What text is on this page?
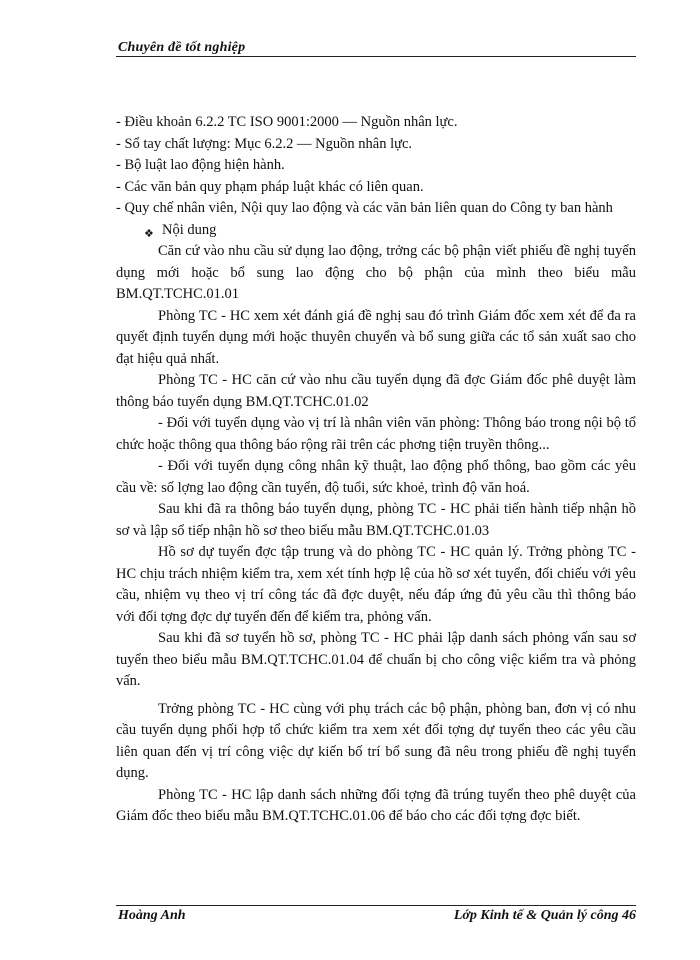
Chuyên đề tốt nghiệp

- Điều khoản 6.2.2 TC ISO 9001:2000 — Nguồn nhân lực.

- Sổ tay chất lượng: Mục 6.2.2 — Nguồn nhân lực.

- Bộ luật lao động hiện hành.

- Các văn bản quy phạm pháp luật khác có liên quan.

- Quy chế nhân viên, Nội quy lao động và các văn bản liên quan do Công ty ban hành

❖ Nội dung

Căn cứ vào nhu cầu sử dụng lao động, trởng các bộ phận viết phiếu đề nghị tuyển dụng mới hoặc bổ sung lao động cho bộ phận của mình theo biểu mẫu BM.QT.TCHC.01.01

Phòng TC - HC xem xét đánh giá đề nghị sau đó trình Giám đốc xem xét để đa ra quyết định tuyển dụng mới hoặc thuyên chuyển và bổ sung giữa các tổ sản xuất sao cho đạt hiệu quả nhất.

Phòng TC - HC căn cứ vào nhu cầu tuyển dụng đã đợc Giám đốc phê duyệt làm thông báo tuyển dụng BM.QT.TCHC.01.02

- Đối với tuyển dụng vào vị trí là nhân viên văn phòng: Thông báo trong nội bộ tổ chức hoặc thông qua thông báo rộng rãi trên các phơng tiện truyền thông...

- Đối với tuyển dụng công nhân kỹ thuật, lao động phổ thông, bao gồm các yêu cầu về: số lợng lao động cần tuyển, độ tuổi, sức khoẻ, trình độ văn hoá.

Sau khi đã ra thông báo tuyển dụng, phòng TC - HC phải tiến hành tiếp nhận hồ sơ và lập sổ tiếp nhận hồ sơ theo biểu mẫu BM.QT.TCHC.01.03

Hồ sơ dự tuyển đợc tập trung và do phòng TC - HC quản lý. Trởng phòng TC - HC chịu trách nhiệm kiểm tra, xem xét tính hợp lệ của hồ sơ xét tuyển, đối chiếu với yêu cầu, nhiệm vụ theo vị trí công tác đã đợc duyệt, nếu đáp ứng đủ yêu cầu thì thông báo với đối tợng đợc dự tuyển đến để kiểm tra, phỏng vấn.

Sau khi đã sơ tuyển hồ sơ, phòng TC - HC phải lập danh sách phỏng vấn sau sơ tuyển theo biểu mẫu BM.QT.TCHC.01.04 để chuẩn bị cho công việc kiểm tra và phỏng vấn.

Trởng phòng TC - HC cùng với phụ trách các bộ phận, phòng ban, đơn vị có nhu cầu tuyển dụng phối hợp tổ chức kiểm tra xem xét đối tợng dự tuyển theo các yêu cầu liên quan đến vị trí công việc dự kiến bố trí bổ sung đã nêu trong phiếu đề nghị tuyển dụng.

Phòng TC - HC lập danh sách những đối tợng đã trúng tuyển theo phê duyệt của Giám đốc theo biểu mẫu BM.QT.TCHC.01.06 để báo cho các đối tợng đợc biết.

Hoàng Anh	Lớp Kinh tế & Quản lý công 46
